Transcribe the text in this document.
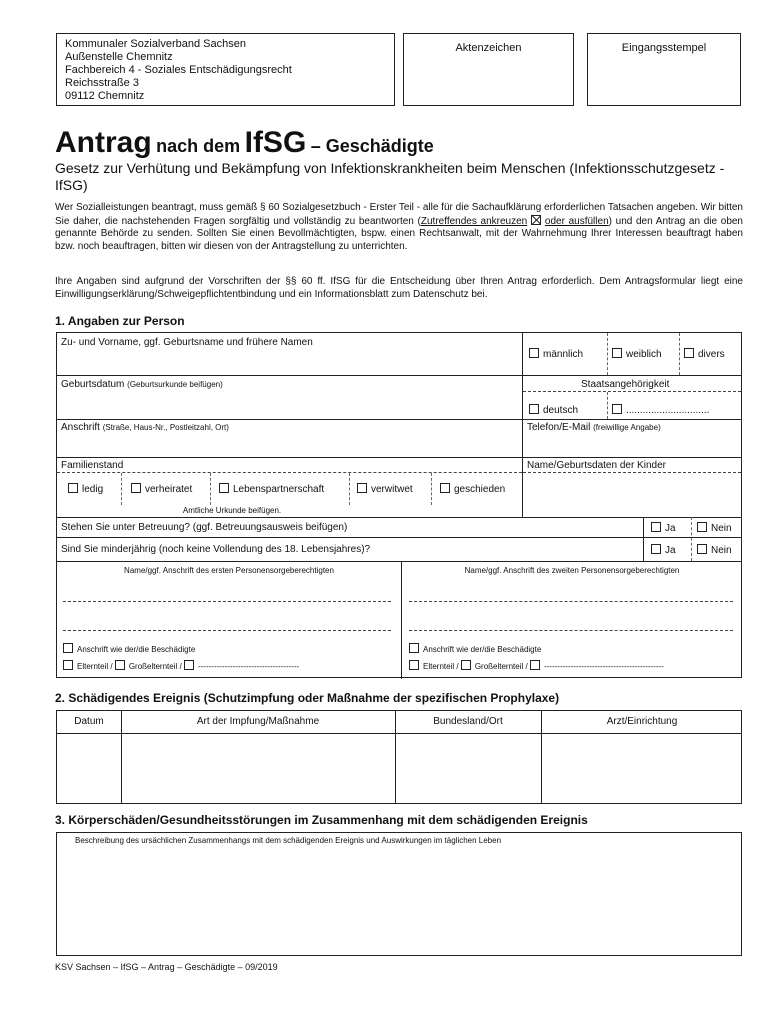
Kommunaler Sozialverband Sachsen
Außenstelle Chemnitz
Fachbereich 4 - Soziales Entschädigungsrecht
Reichsstraße 3
09112 Chemnitz
Aktenzeichen	Eingangsstempel
Antrag nach dem IfSG – Geschädigte
Gesetz zur Verhütung und Bekämpfung von Infektionskrankheiten beim Menschen (Infektionsschutzgesetz - IfSG)
Wer Sozialleistungen beantragt, muss gemäß § 60 Sozialgesetzbuch - Erster Teil - alle für die Sachaufklärung erforderlichen Tatsachen angeben. Wir bitten Sie daher, die nachstehenden Fragen sorgfältig und vollständig zu beantworten (Zutreffendes ankreuzen oder ausfüllen) und den Antrag an die oben genannte Behörde zu senden. Sollten Sie einen Bevollmächtigten, bspw. einen Rechtsanwalt, mit der Wahrnehmung Ihrer Interessen beauftragt haben bzw. noch beauftragen, bitten wir diesen von der Antragstellung zu unterrichten.
Ihre Angaben sind aufgrund der Vorschriften der §§ 60 ff. IfSG für die Entscheidung über Ihren Antrag erforderlich. Dem Antragsformular liegt eine Einwilligungserklärung/Schweigepflichtentbindung und ein Informationsblatt zum Datenschutz bei.
1. Angaben zur Person
Zu- und Vorname, ggf. Geburtsname und frühere Namen
männlich	weiblich	divers
Geburtsdatum (Geburtsurkunde beifügen)	Staatsangehörigkeit
deutsch	..............................
Anschrift (Straße, Haus-Nr., Postleitzahl, Ort)	Telefon/E-Mail (freiwillige Angabe)
Familienstand
ledig	verheiratet	Lebenspartnerschaft	verwitwet	geschieden
Amtliche Urkunde beifügen.
Name/Geburtsdaten der Kinder
Stehen Sie unter Betreuung? (ggf. Betreuungsausweis beifügen)	Ja	Nein
Sind Sie minderjährig (noch keine Vollendung des 18. Lebensjahres)?	Ja	Nein
Name/ggf. Anschrift des ersten Personensorgeberechtigten	Name/ggf. Anschrift des zweiten Personensorgeberechtigten
Anschrift wie der/die Beschädigte
Elternteil / Großelternteil / --------------------------------------
Anschrift wie der/die Beschädigte
Elternteil / Großelternteil / ---------------------------------------------
2. Schädigendes Ereignis (Schutzimpfung oder Maßnahme der spezifischen Prophylaxe)
Datum	Art der Impfung/Maßnahme	Bundesland/Ort	Arzt/Einrichtung
3. Körperschäden/Gesundheitsstörungen im Zusammenhang mit dem schädigenden Ereignis
Beschreibung des ursächlichen Zusammenhangs mit dem schädigenden Ereignis und Auswirkungen im täglichen Leben
KSV Sachsen – IfSG – Antrag – Geschädigte – 09/2019
